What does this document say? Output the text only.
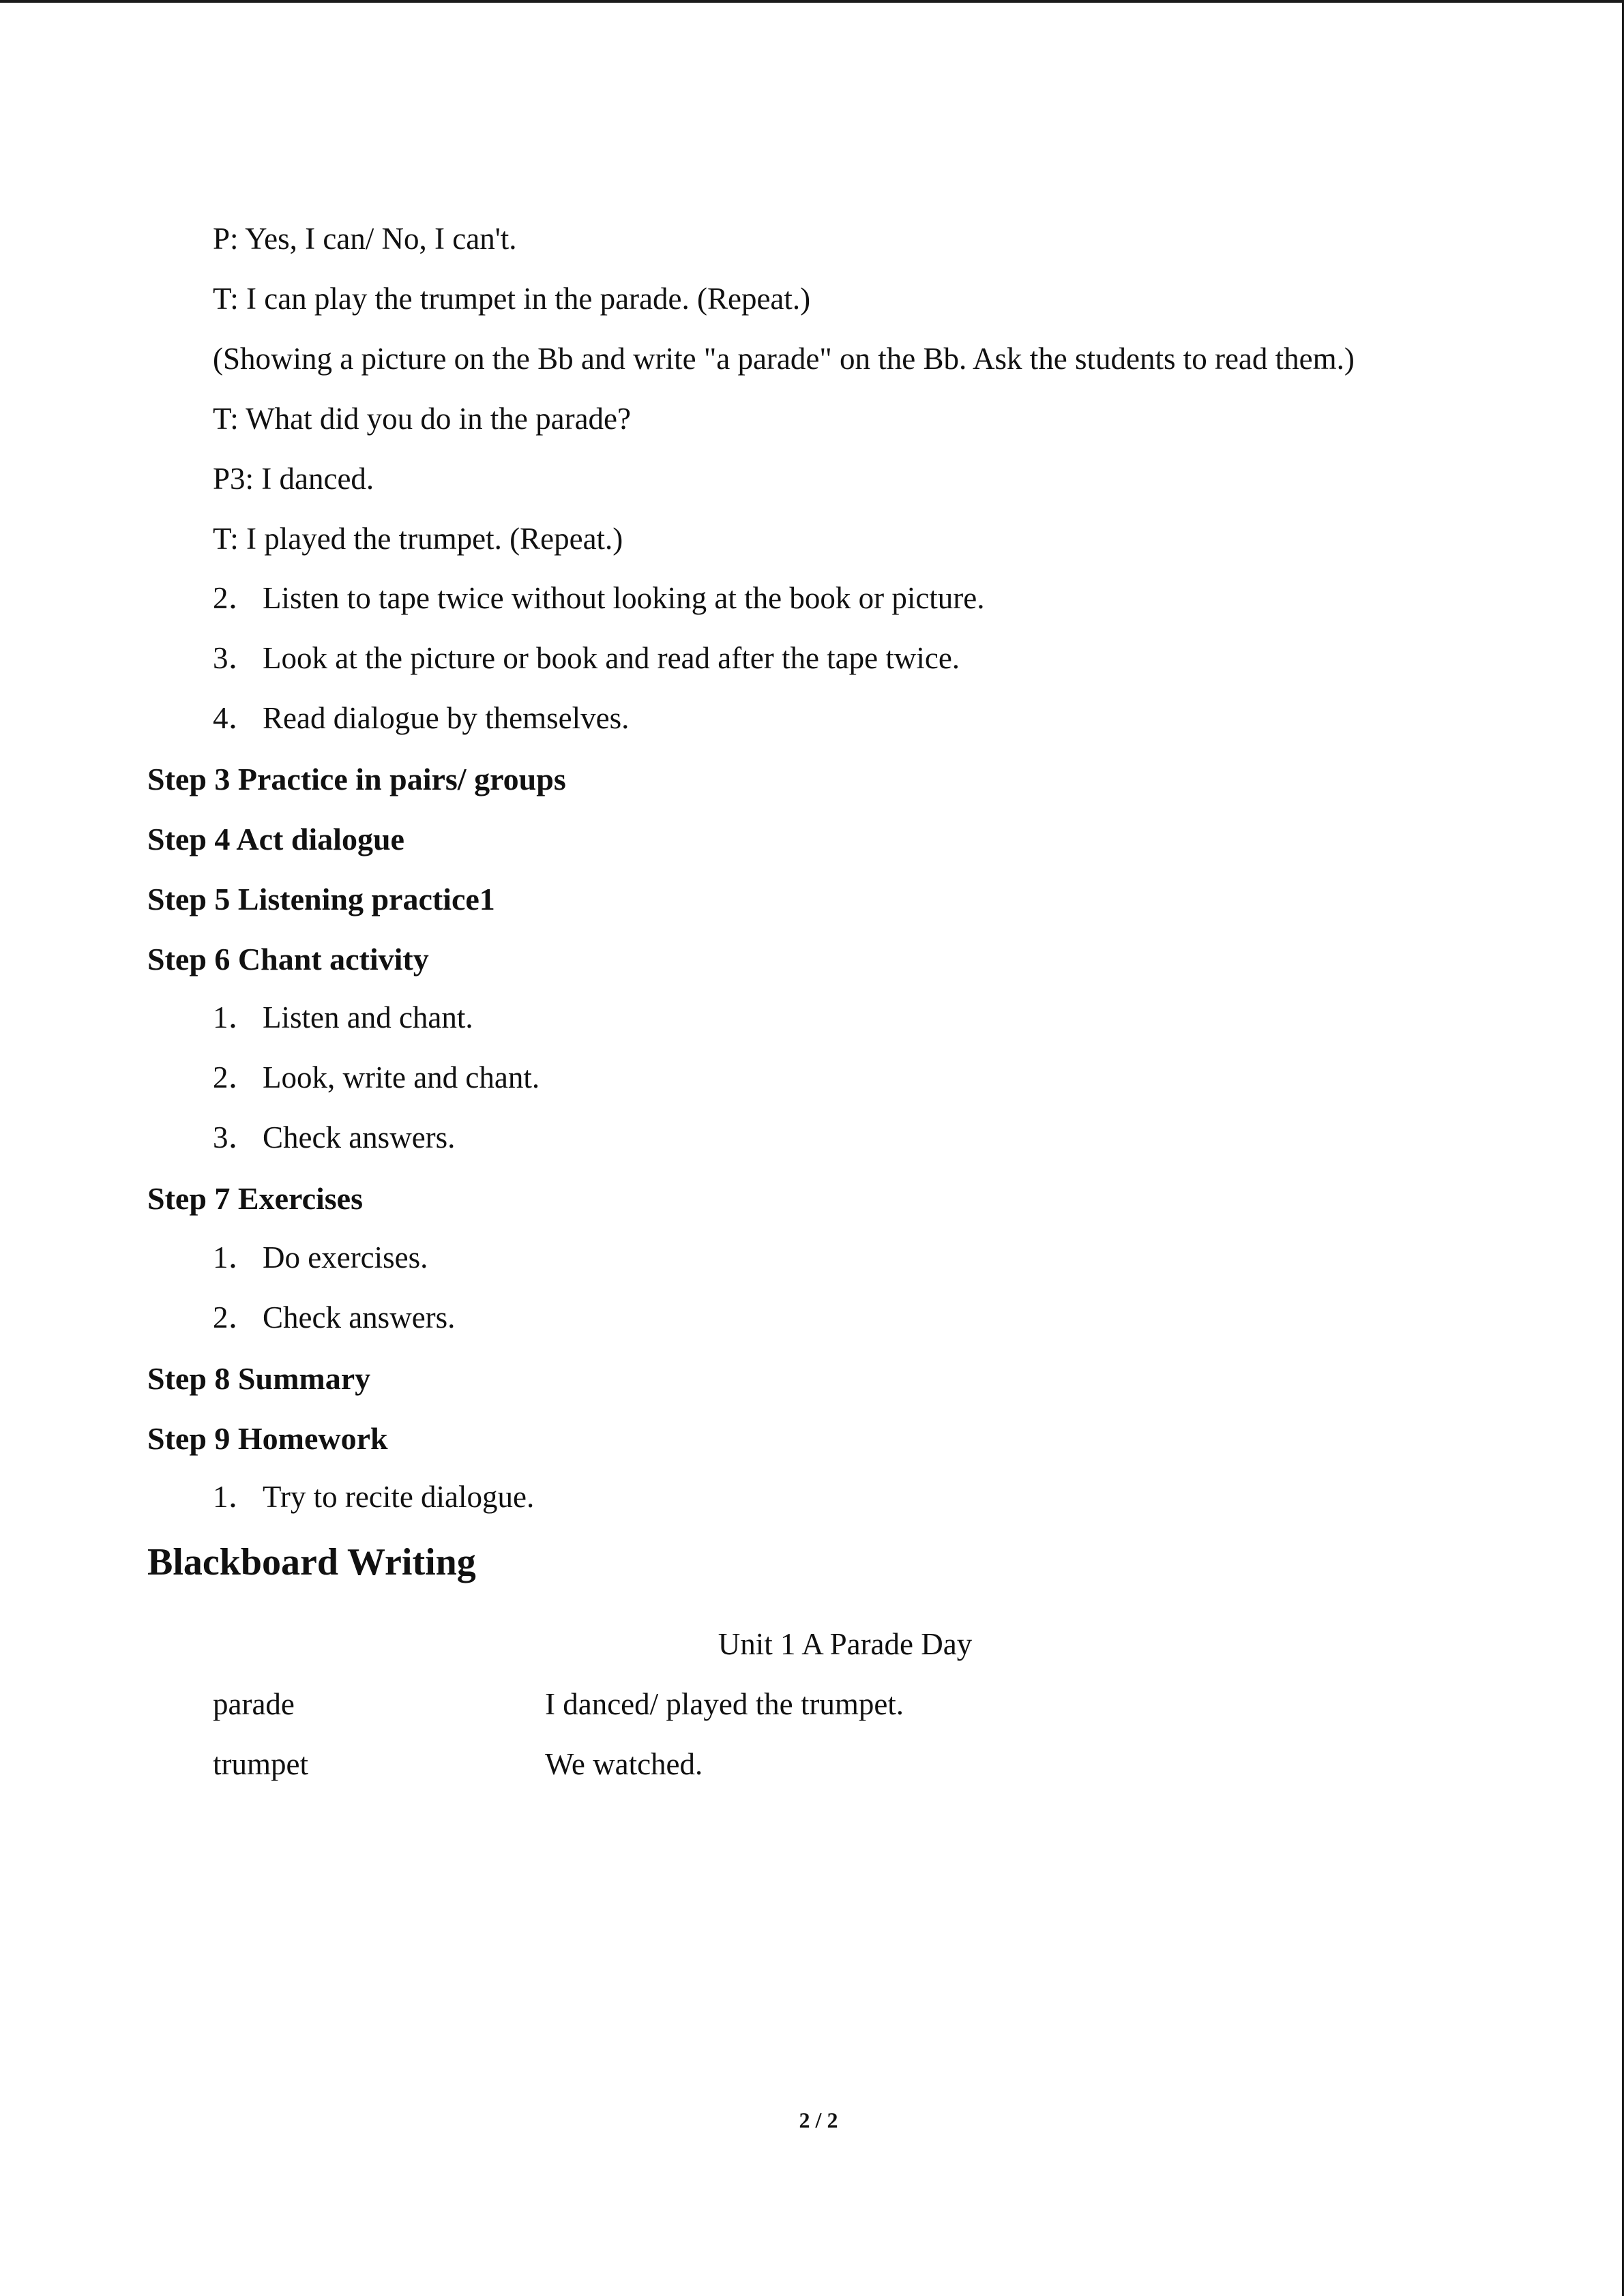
P: Yes, I can/ No, I can't.
T: I can play the trumpet in the parade. (Repeat.)
(Showing a picture on the Bb and write "a parade" on the Bb. Ask the students to read them.)
T: What did you do in the parade?
P3: I danced.
T: I played the trumpet. (Repeat.)
2． Listen to tape twice without looking at the book or picture.
3． Look at the picture or book and read after the tape twice.
4． Read dialogue by themselves.
Step 3 Practice in pairs/ groups
Step 4 Act dialogue
Step 5 Listening practice1
Step 6 Chant activity
1． Listen and chant.
2． Look, write and chant.
3． Check answers.
Step 7 Exercises
1． Do exercises.
2． Check answers.
Step 8 Summary
Step 9 Homework
1． Try to recite dialogue.
Blackboard Writing
Unit 1 A Parade Day
parade	I danced/ played the trumpet.
trumpet	We watched.
2 / 2
